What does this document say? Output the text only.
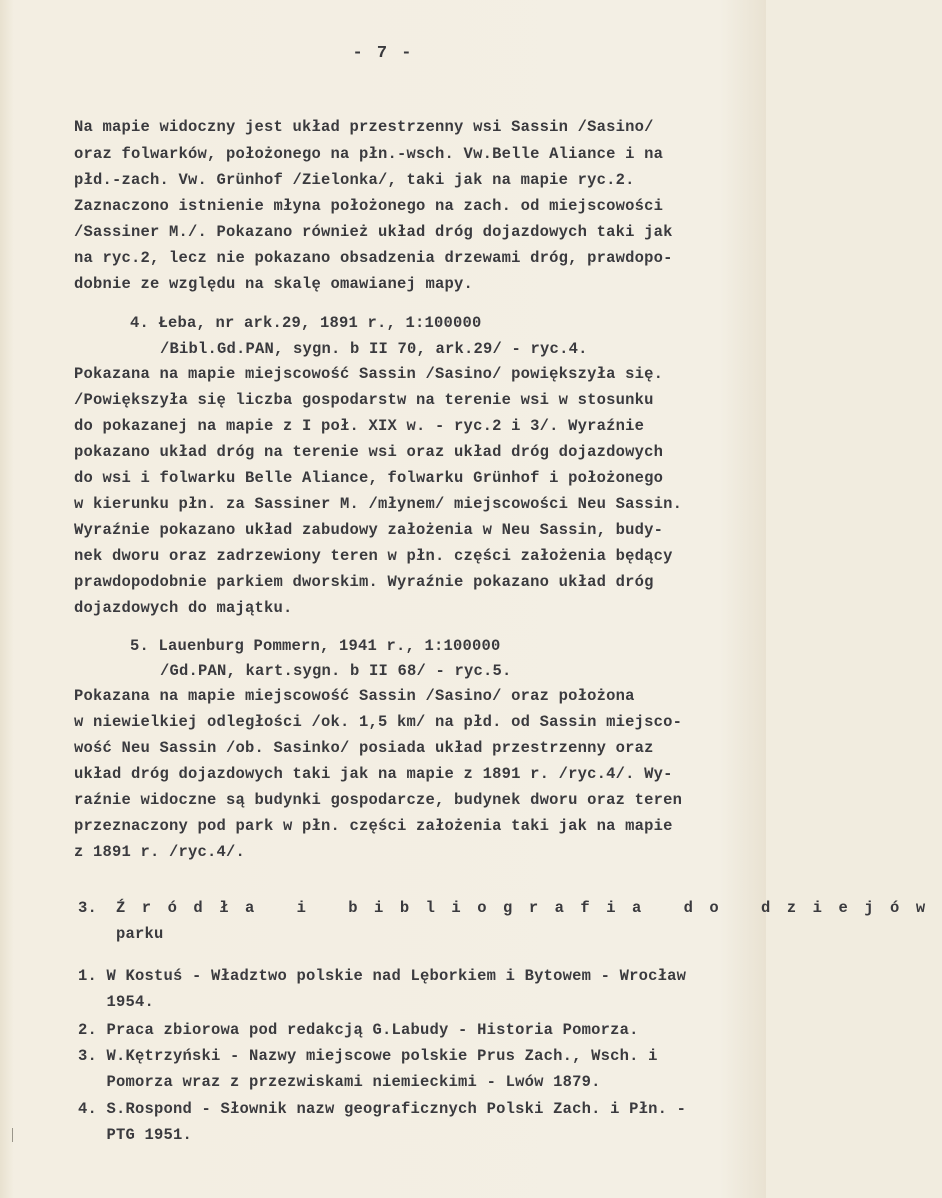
- 7 -
Na mapie widoczny jest układ przestrzenny wsi Sassin /Sasino/
oraz folwarków, położonego na płn.-wsch. Vw.Belle Aliance i na
płd.-zach. Vw. Grünhof /Zielonka/, taki jak na mapie ryc.2.
Zaznaczono istnienie młyna położonego na zach. od miejscowości
/Sassiner M./. Pokazano również układ dróg dojazdowych taki jak
na ryc.2, lecz nie pokazano obsadzenia drzewami dróg, prawdopo-
dobnie ze względu na skalę omawianej mapy.
4. Łeba, nr ark.29, 1891 r., 1:100000
/Bibl.Gd.PAN, sygn. b II 70, ark.29/ - ryc.4.
Pokazana na mapie miejscowość Sassin /Sasino/ powiększyła się.
/Powiększyła się liczba gospodarstw na terenie wsi w stosunku
do pokazanej na mapie z I poł. XIX w. - ryc.2 i 3/. Wyraźnie
pokazano układ dróg na terenie wsi oraz układ dróg dojazdowych
do wsi i folwarku Belle Aliance, folwarku Grünhof i położonego
w kierunku płn. za Sassiner M. /młynem/ miejscowości Neu Sassin.
Wyraźnie pokazano układ zabudowy założenia w Neu Sassin, budy-
nek dworu oraz zadrzewiony teren w płn. części założenia będący
prawdopodobnie parkiem dworskim. Wyraźnie pokazano układ dróg
dojazdowych do majątku.
5. Lauenburg Pommern, 1941 r., 1:100000
/Gd.PAN, kart.sygn. b II 68/ - ryc.5.
Pokazana na mapie miejscowość Sassin /Sasino/ oraz położona
w niewielkiej odległości /ok. 1,5 km/ na płd. od Sassin miejsco-
wość Neu Sassin /ob. Sasinko/ posiada układ przestrzenny oraz
układ dróg dojazdowych taki jak na mapie z 1891 r. /ryc.4/. Wy-
raźnie widoczne są budynki gospodarcze, budynek dworu oraz teren
przeznaczony pod park w płn. części założenia taki jak na mapie
z 1891 r. /ryc.4/.
3. Źródła i bibliografia do dziejów
parku
1. W Kostuś - Władztwo polskie nad Lęborkiem i Bytowem - Wrocław
1954.
2. Praca zbiorowa pod redakcją G.Labudy - Historia Pomorza.
3. W.Kętrzyński - Nazwy miejscowe polskie Prus Zach., Wsch. i
Pomorza wraz z przezwiskami niemieckimi - Lwów 1879.
4. S.Rospond - Słownik nazw geograficznych Polski Zach. i Płn. -
PTG 1951.
